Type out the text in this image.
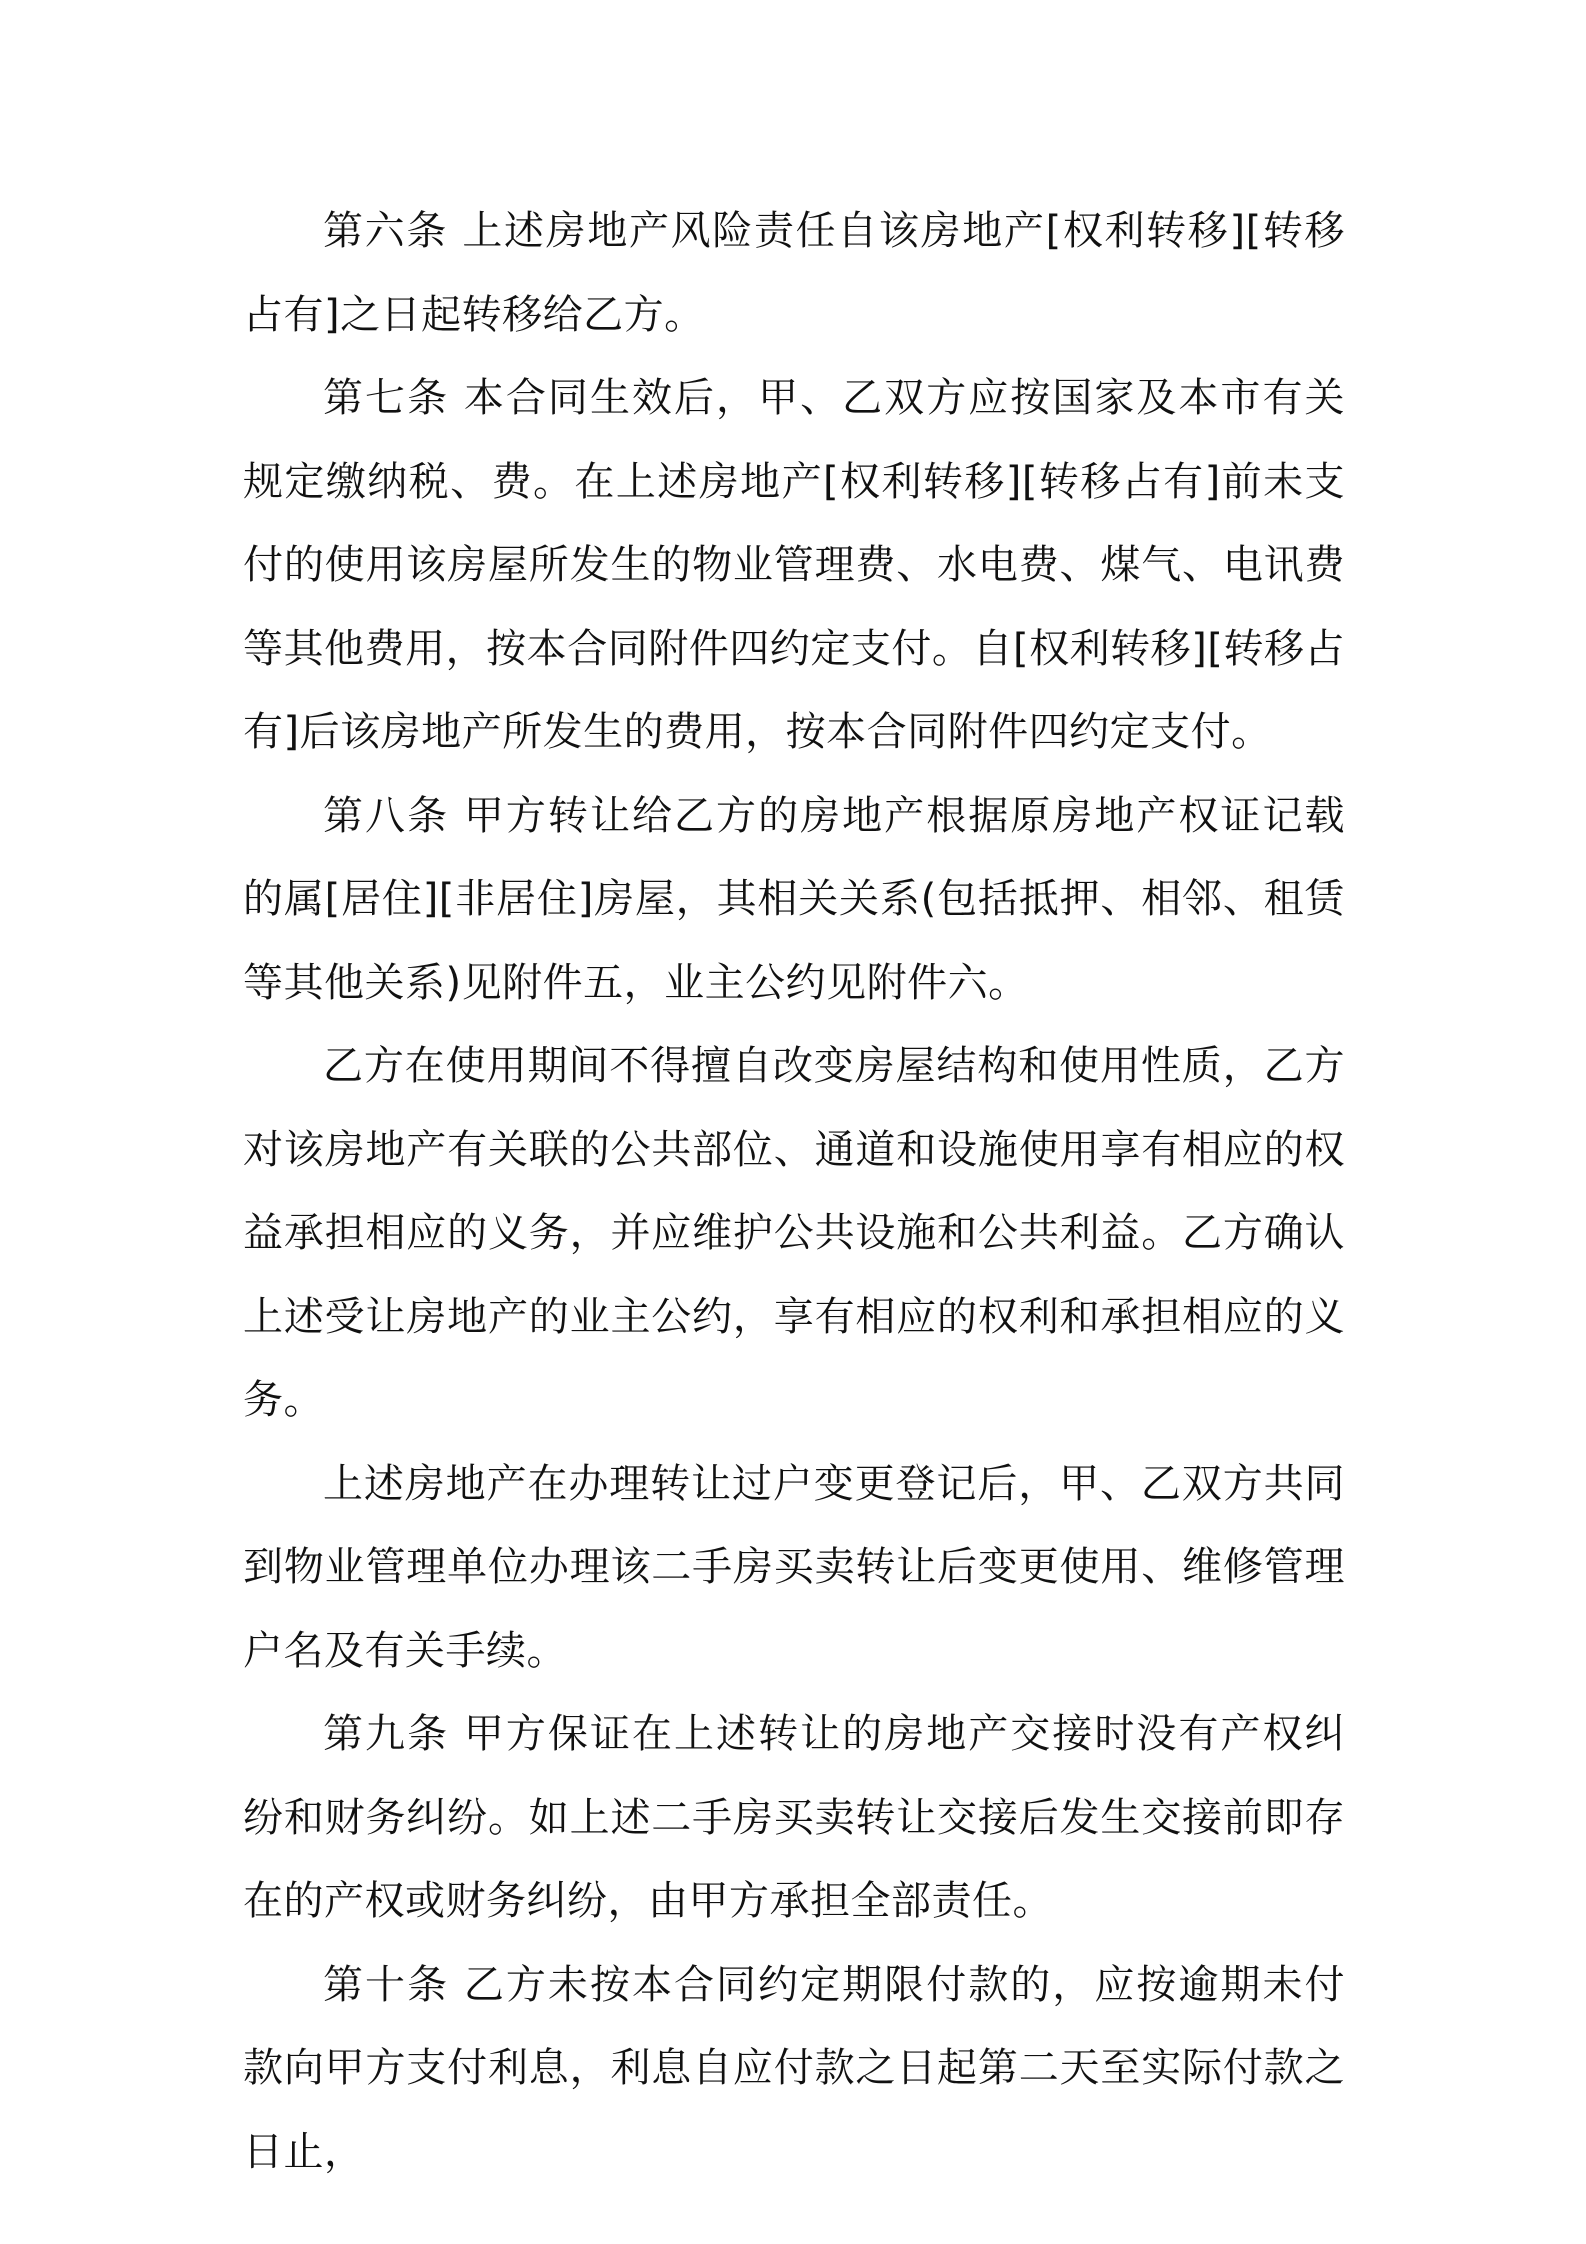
第六条 上述房地产风险责任自该房地产[权利转移][转移占有]之日起转移给乙方。

第七条 本合同生效后，甲、乙双方应按国家及本市有关规定缴纳税、费。在上述房地产[权利转移][转移占有]前未支付的使用该房屋所发生的物业管理费、水电费、煤气、电讯费等其他费用，按本合同附件四约定支付。自[权利转移][转移占有]后该房地产所发生的费用，按本合同附件四约定支付。

第八条 甲方转让给乙方的房地产根据原房地产权证记载的属[居住][非居住]房屋，其相关关系(包括抵押、相邻、租赁等其他关系)见附件五，业主公约见附件六。

乙方在使用期间不得擅自改变房屋结构和使用性质，乙方对该房地产有关联的公共部位、通道和设施使用享有相应的权益承担相应的义务，并应维护公共设施和公共利益。乙方确认上述受让房地产的业主公约，享有相应的权利和承担相应的义务。

上述房地产在办理转让过户变更登记后，甲、乙双方共同到物业管理单位办理该二手房买卖转让后变更使用、维修管理户名及有关手续。

第九条 甲方保证在上述转让的房地产交接时没有产权纠纷和财务纠纷。如上述二手房买卖转让交接后发生交接前即存在的产权或财务纠纷，由甲方承担全部责任。

第十条 乙方未按本合同约定期限付款的，应按逾期未付款向甲方支付利息，利息自应付款之日起第二天至实际付款之日止，
